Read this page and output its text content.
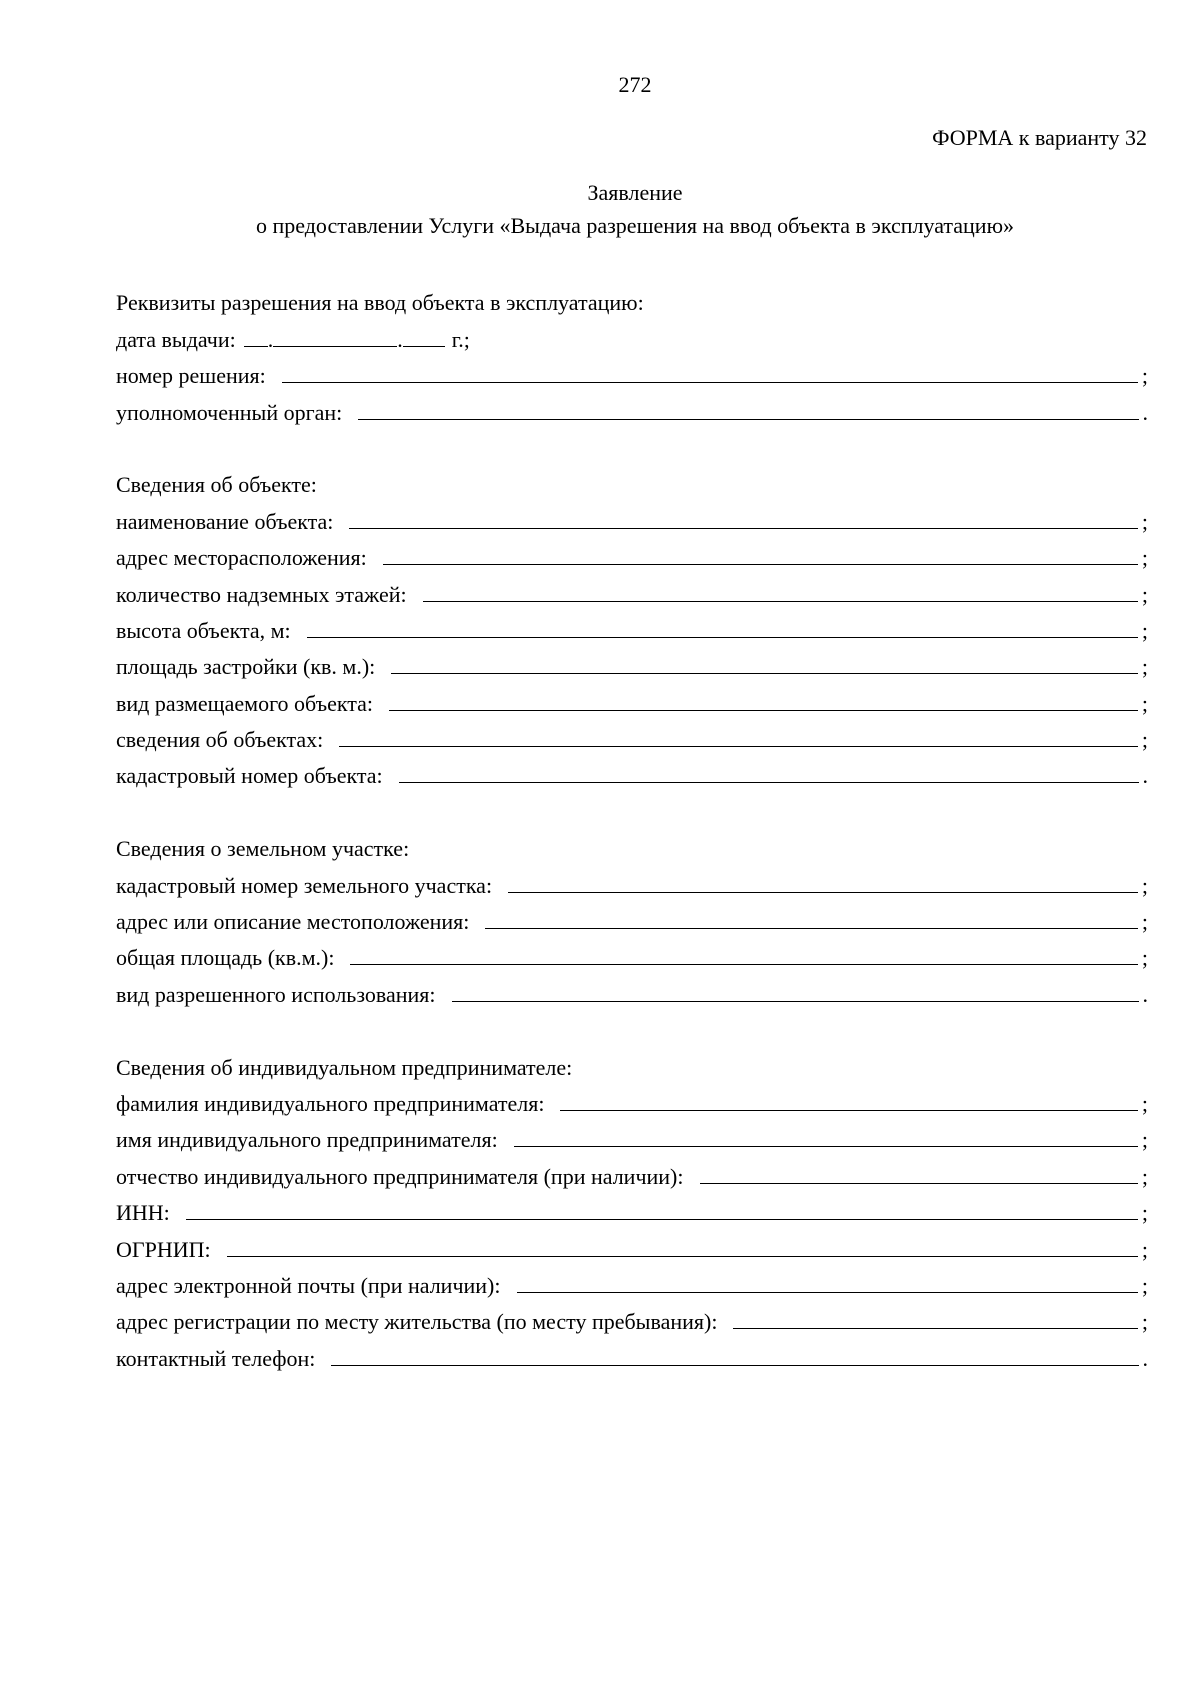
272
ФОРМА к варианту 32
Заявление
о предоставлении Услуги «Выдача разрешения на ввод объекта в эксплуатацию»
Реквизиты разрешения на ввод объекта в эксплуатацию:
дата выдачи: .	. г.;
номер решения:	;
уполномоченный орган:	.
Сведения об объекте:
наименование объекта:	;
адрес месторасположения:	;
количество надземных этажей:	;
высота объекта, м:	;
площадь застройки (кв. м.):	;
вид размещаемого объекта:	;
сведения об объектах:	;
кадастровый номер объекта:	.
Сведения о земельном участке:
кадастровый номер земельного участка:	;
адрес или описание местоположения:	;
общая площадь (кв.м.):	;
вид разрешенного использования:	.
Сведения об индивидуальном предпринимателе:
фамилия индивидуального предпринимателя:	;
имя индивидуального предпринимателя:	;
отчество индивидуального предпринимателя (при наличии):	;
ИНН:	;
ОГРНИП:	;
адрес электронной почты (при наличии):	;
адрес регистрации по месту жительства (по месту пребывания):	;
контактный телефон:	.
